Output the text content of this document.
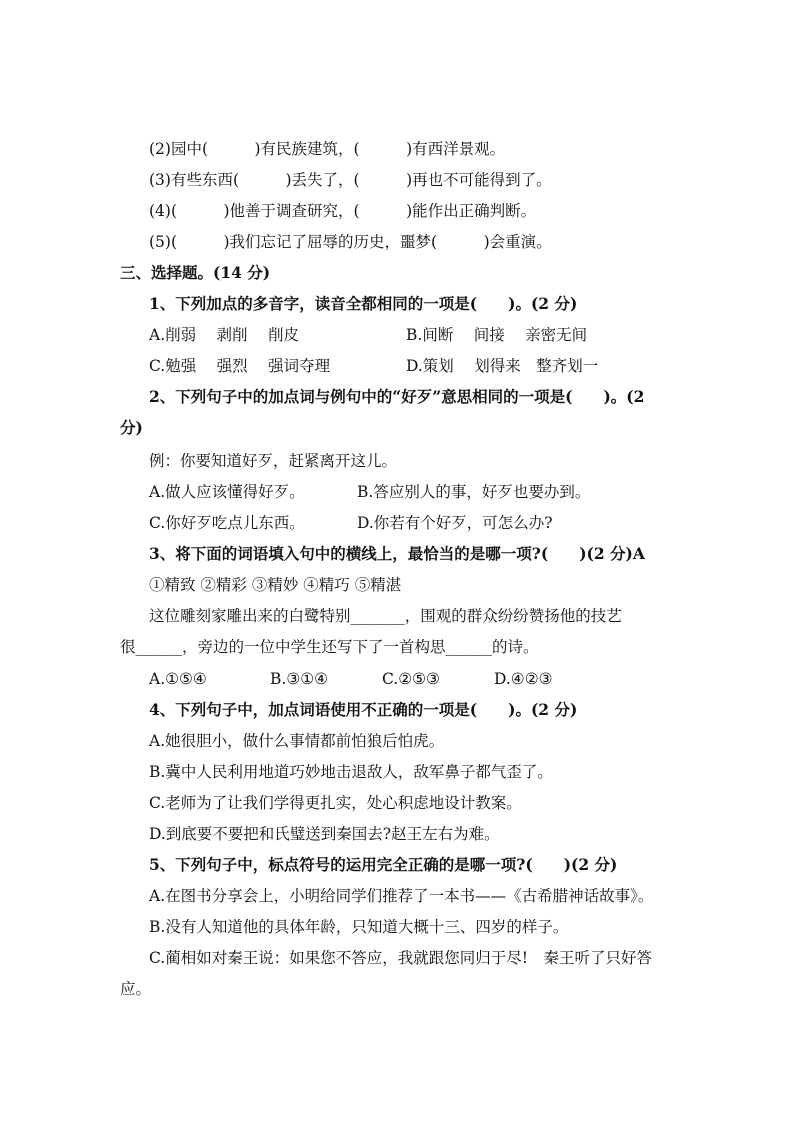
(2)园中(　　　)有民族建筑，(　　　)有西洋景观。
(3)有些东西(　　　)丢失了，(　　　)再也不可能得到了。
(4)(　　　)他善于调查研究，(　　　)能作出正确判断。
(5)(　　　)我们忘记了屈辱的历史，噩梦(　　　)会重演。
三、选择题。(14 分)
1、下列加点的多音字，读音全都相同的一项是(　　)。(2 分)
A.削弱　 剥削　 削皮	B.间断　 间接　 亲密无间
C.勉强　 强烈　 强词夺理	D.策划　 划得来　整齐划一
2、下列句子中的加点词与例句中的“好歹”意思相同的一项是(　　)。(2
分)
例：你要知道好歹，赶紧离开这儿。
A.做人应该懂得好歹。	B.答应别人的事，好歹也要办到。
C.你好歹吃点儿东西。	D.你若有个好歹，可怎么办?
3、将下面的词语填入句中的横线上，最恰当的是哪一项?(　　)(2 分)A
①精致 ②精彩 ③精妙 ④精巧 ⑤精湛
这位雕刻家雕出来的白鹭特别_______，围观的群众纷纷赞扬他的技艺
很______，旁边的一位中学生还写下了一首构思______的诗。
A.①⑤④	B.③①④	C.②⑤③	D.④②③
4、下列句子中，加点词语使用不正确的一项是(　　)。(2 分)
A.她很胆小，做什么事情都前怕狼后怕虎。
B.冀中人民利用地道巧妙地击退敌人，敌军鼻子都气歪了。
C.老师为了让我们学得更扎实，处心积虑地设计教案。
D.到底要不要把和氏璧送到秦国去?赵王左右为难。
5、下列句子中，标点符号的运用完全正确的是哪一项?(　　)(2 分)
A.在图书分享会上，小明给同学们推荐了一本书——《古希腊神话故事》。
B.没有人知道他的具体年龄，只知道大概十三、四岁的样子。
C.蔺相如对秦王说：如果您不答应，我就跟您同归于尽!　秦王听了只好答
应。
